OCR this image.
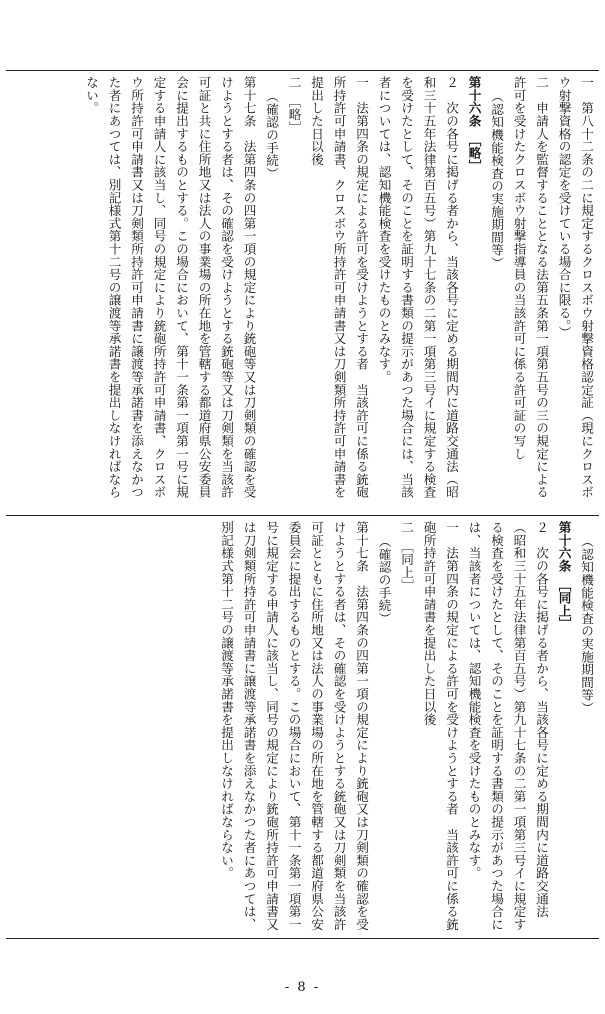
一　第八十二条の二に規定するクロスボウ射撃資格認定証（現にクロスボウ射撃資格の認定を受けている場合に限る。）

二　申請人を監督することとなる法第五条第一項第五号の三の規定による許可を受けたクロスボウ射撃指導員の当該許可に係る許可証の写し

（認知機能検査の実施期間等）

第十六条　［略］

２　次の各号に掲げる者から、当該各号に定める期間内に道路交通法（昭和三十五年法律第百五号）第九十七条の二第一項第三号イに規定する検査を受けたとして、そのことを証明する書類の提示があつた場合には、当該者については、認知機能検査を受けたものとみなす。

一　法第四条の規定による許可を受けようとする者　当該許可に係る銃砲所持許可申請書、クロスボウ所持許可申請書又は刀剣類所持許可申請書を提出した日以後

二　［略］

（確認の手続）

第十七条　法第四条の四第一項の規定により銃砲等又は刀剣類の確認を受けようとする者は、その確認を受けようとする銃砲等又は刀剣類を当該許可証と共に住所地又は法人の事業場の所在地を管轄する都道府県公安委員会に提出するものとする。この場合において、第十一条第一項第一号に規定する申請人に該当し、同号の規定により銃砲所持許可申請書、クロスボウ所持許可申請書又は刀剣類所持許可申請書に譲渡等承諾書を添えなかつた者にあつては、別記様式第十二号の譲渡等承諾書を提出しなければならない。

（認知機能検査の実施期間等）

第十六条　［同上］

２　次の各号に掲げる者から、当該各号に定める期間内に道路交通法（昭和三十五年法律第百五号）第九十七条の二第一項第三号イに規定する検査を受けたとして、そのことを証明する書類の提示があつた場合には、当該者については、認知機能検査を受けたものとみなす。

一　法第四条の規定による許可を受けようとする者　当該許可に係る銃砲所持許可申請書を提出した日以後

二　［同上］

（確認の手続）

第十七条　法第四条の四第一項の規定により銃砲又は刀剣類の確認を受けようとする者は、その確認を受けようとする銃砲又は刀剣類を当該許可証とともに住所地又は法人の事業場の所在地を管轄する都道府県公安委員会に提出するものとする。この場合において、第十一条第一項第一号に規定する申請人に該当し、同号の規定により銃砲所持許可申請書又は刀剣類所持許可申請書に譲渡等承諾書を添えなかつた者にあつては、別記様式第十二号の譲渡等承諾書を提出しなければならない。

- 8 -
